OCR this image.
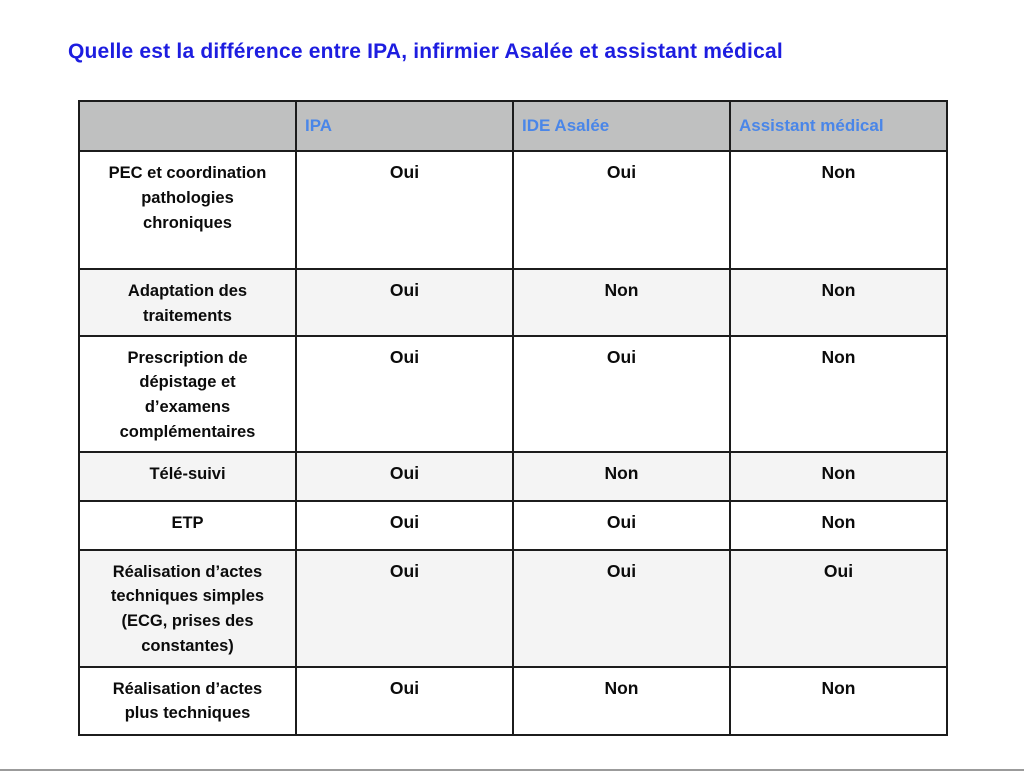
Quelle est la différence entre IPA, infirmier Asalée et assistant médical
	IPA	IDE Asalée	Assistant médical
PEC et coordination pathologies chroniques	Oui	Oui	Non
Adaptation des traitements	Oui	Non	Non
Prescription de dépistage et d’examens complémentaires	Oui	Oui	Non
Télé-suivi	Oui	Non	Non
ETP	Oui	Oui	Non
Réalisation d’actes techniques simples (ECG, prises des constantes)	Oui	Oui	Oui
Réalisation d’actes plus techniques	Oui	Non	Non
